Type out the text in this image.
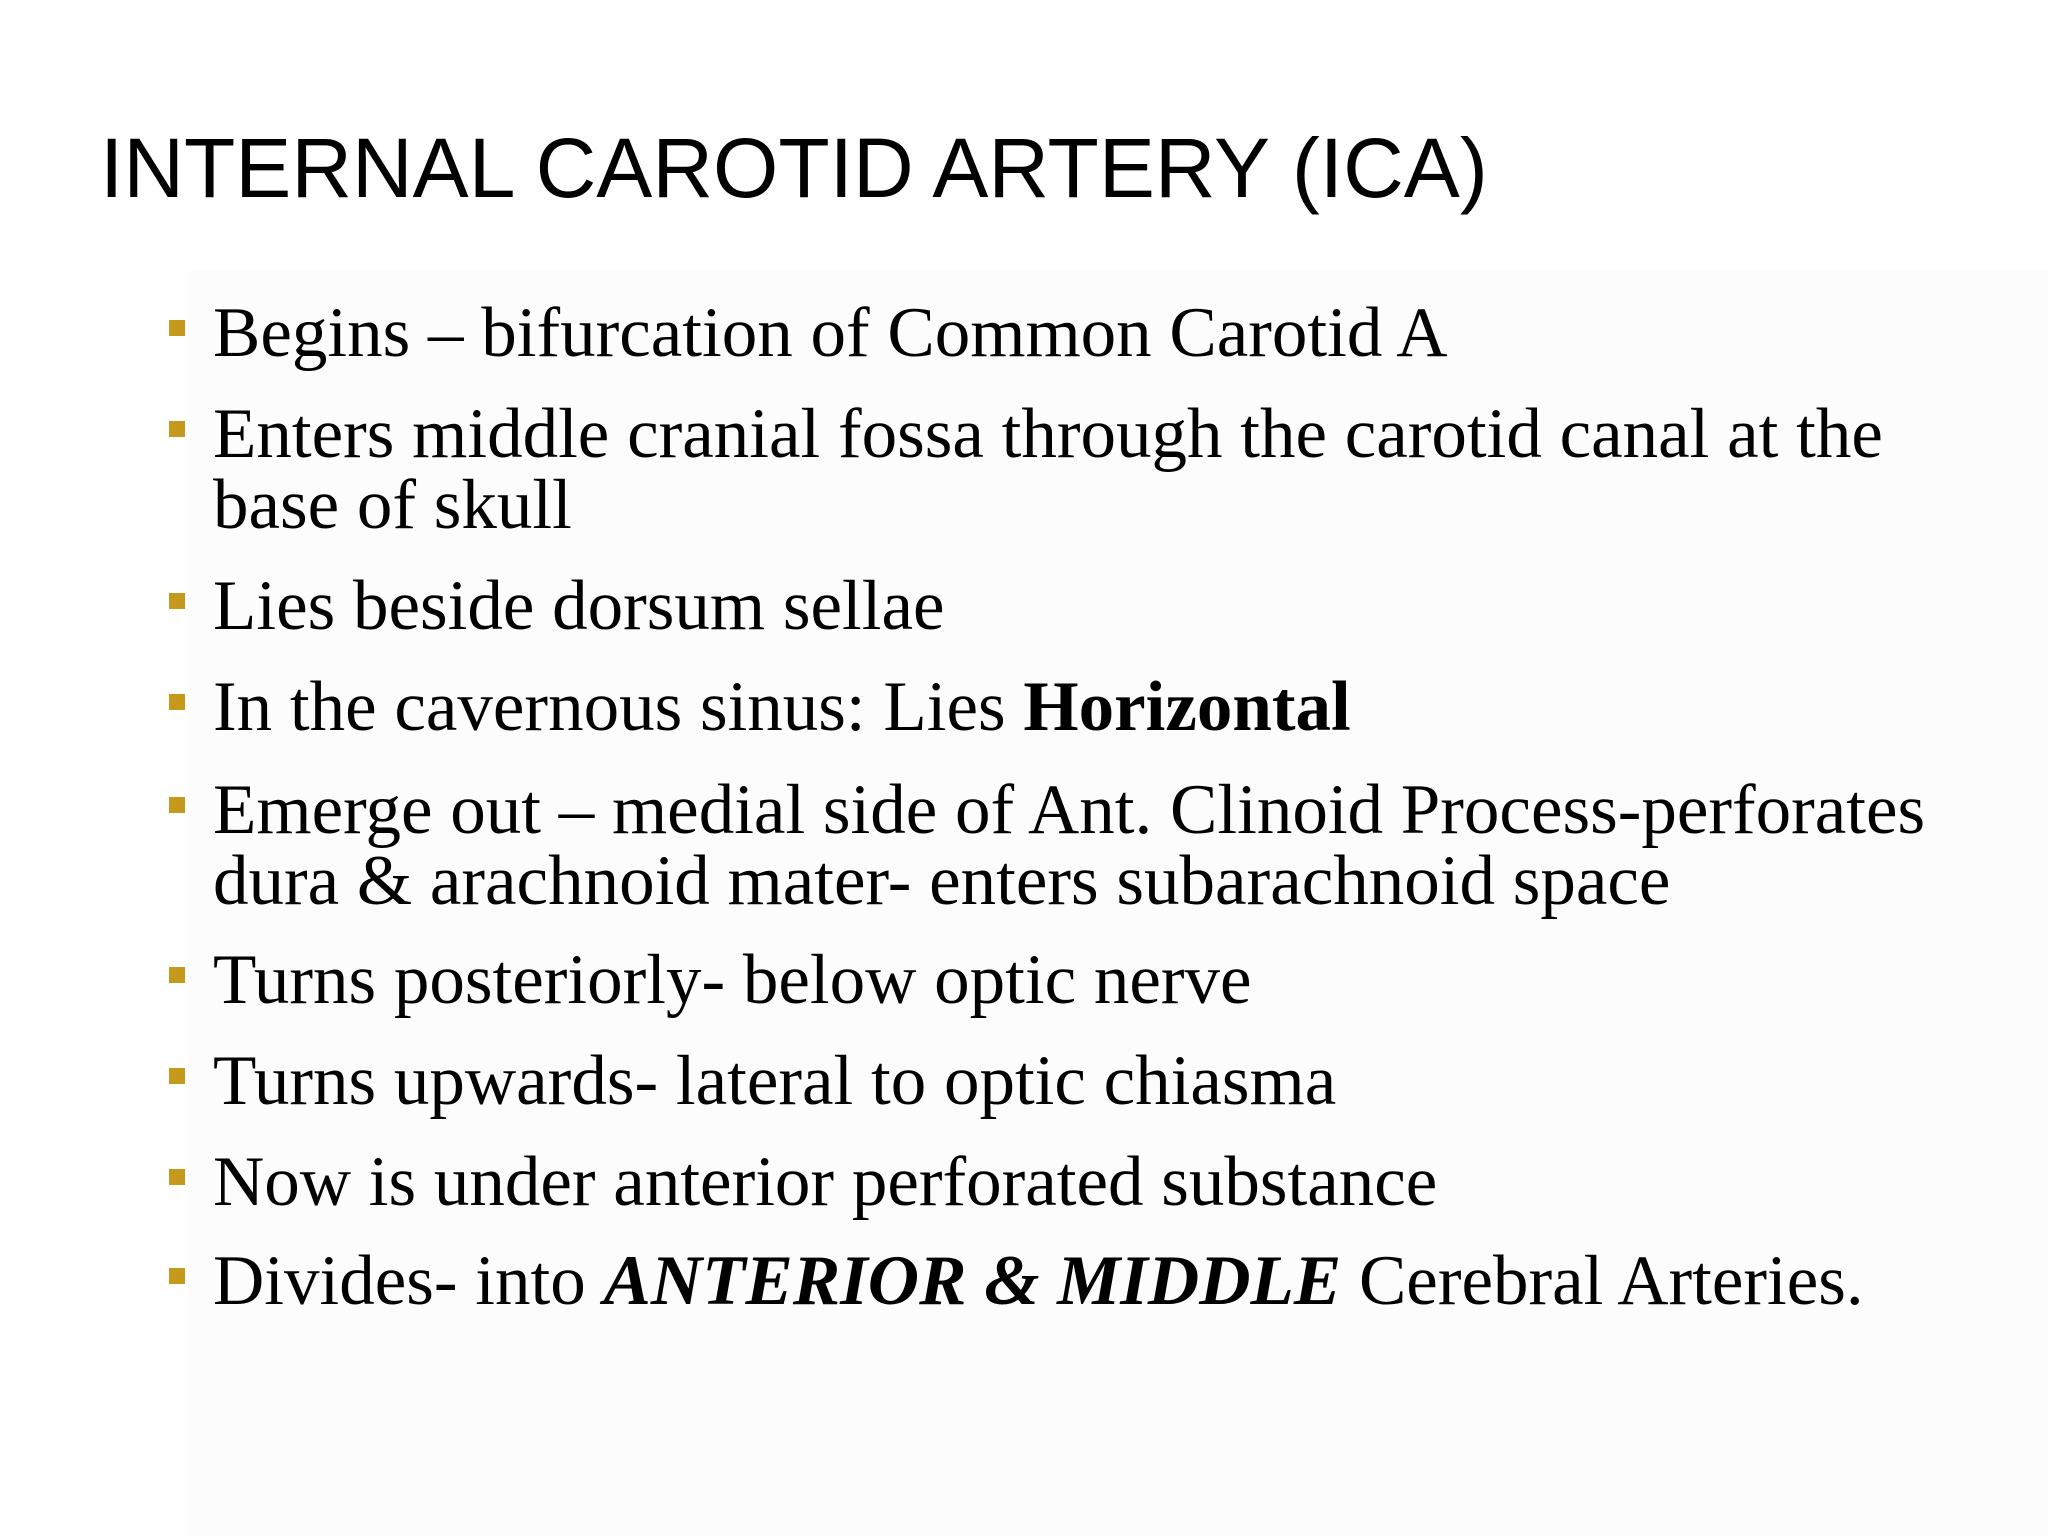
INTERNAL CAROTID ARTERY (ICA)
Begins – bifurcation of Common Carotid A
Enters middle cranial fossa through the carotid canal at the base of skull
Lies beside dorsum sellae
In the cavernous sinus: Lies Horizontal
Emerge out – medial side of Ant. Clinoid Process-perforates dura & arachnoid mater- enters subarachnoid space
Turns posteriorly- below optic nerve
Turns upwards- lateral to optic chiasma
Now is under anterior perforated substance
Divides- into ANTERIOR & MIDDLE Cerebral Arteries.
